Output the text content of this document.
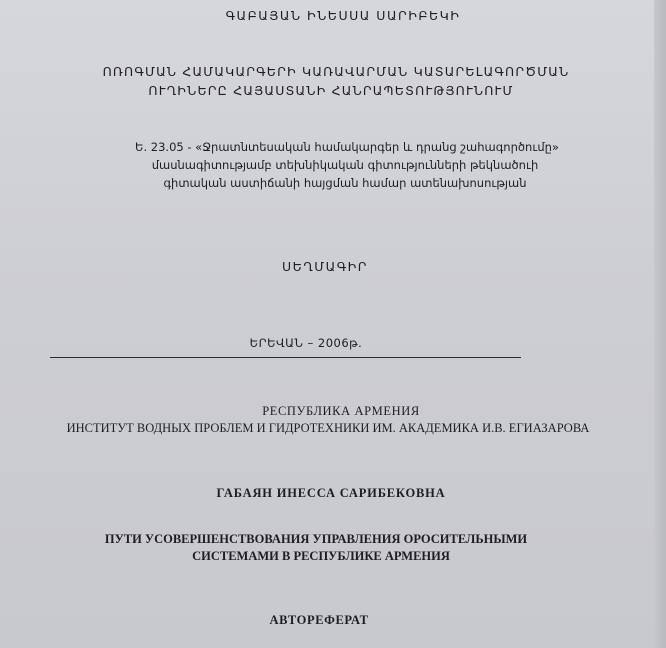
ԳԱԲԱՅԱՆ ԻՆԵՍՍԱ ՍԱՐԻԲԵԿԻ
ՈՌՈԳՄԱՆ ՀԱՄԱԿԱՐԳԵՐԻ ԿԱՌԱՎԱՐՄԱՆ ԿԱՏԱՐԵԼԱԳՈՐԾՄԱՆ
ՈՒՂԻՆԵՐԸ ՀԱՅԱՍՏԱՆԻ ՀԱՆՐԱՊԵՏՈՒԹՅՈՒՆՈՒՄ
Ե. 23.05 - «Ջրատնտեսական համակարգեր և դրանց շահագործումը»
մասնագիտությամբ տեխնիկական գիտությունների թեկնածուի
գիտական աստիճանի հայցման համար ատենախոսության
ՍԵՂՄԱԳԻՐ
ԵՐԵՎԱՆ – 2006թ.
РЕСПУБЛИКА АРМЕНИЯ
ИНСТИТУТ ВОДНЫХ ПРОБЛЕМ И ГИДРОТЕХНИКИ ИМ. АКАДЕМИКА И.В. ЕГИАЗАРОВА
ГАБАЯН ИНЕССА САРИБЕКОВНА
ПУТИ УСОВЕРШЕНСТВОВАНИЯ УПРАВЛЕНИЯ ОРОСИТЕЛЬНЫМИ
СИСТЕМАМИ В РЕСПУБЛИКЕ АРМЕНИЯ
АВТОРЕФЕРАТ
